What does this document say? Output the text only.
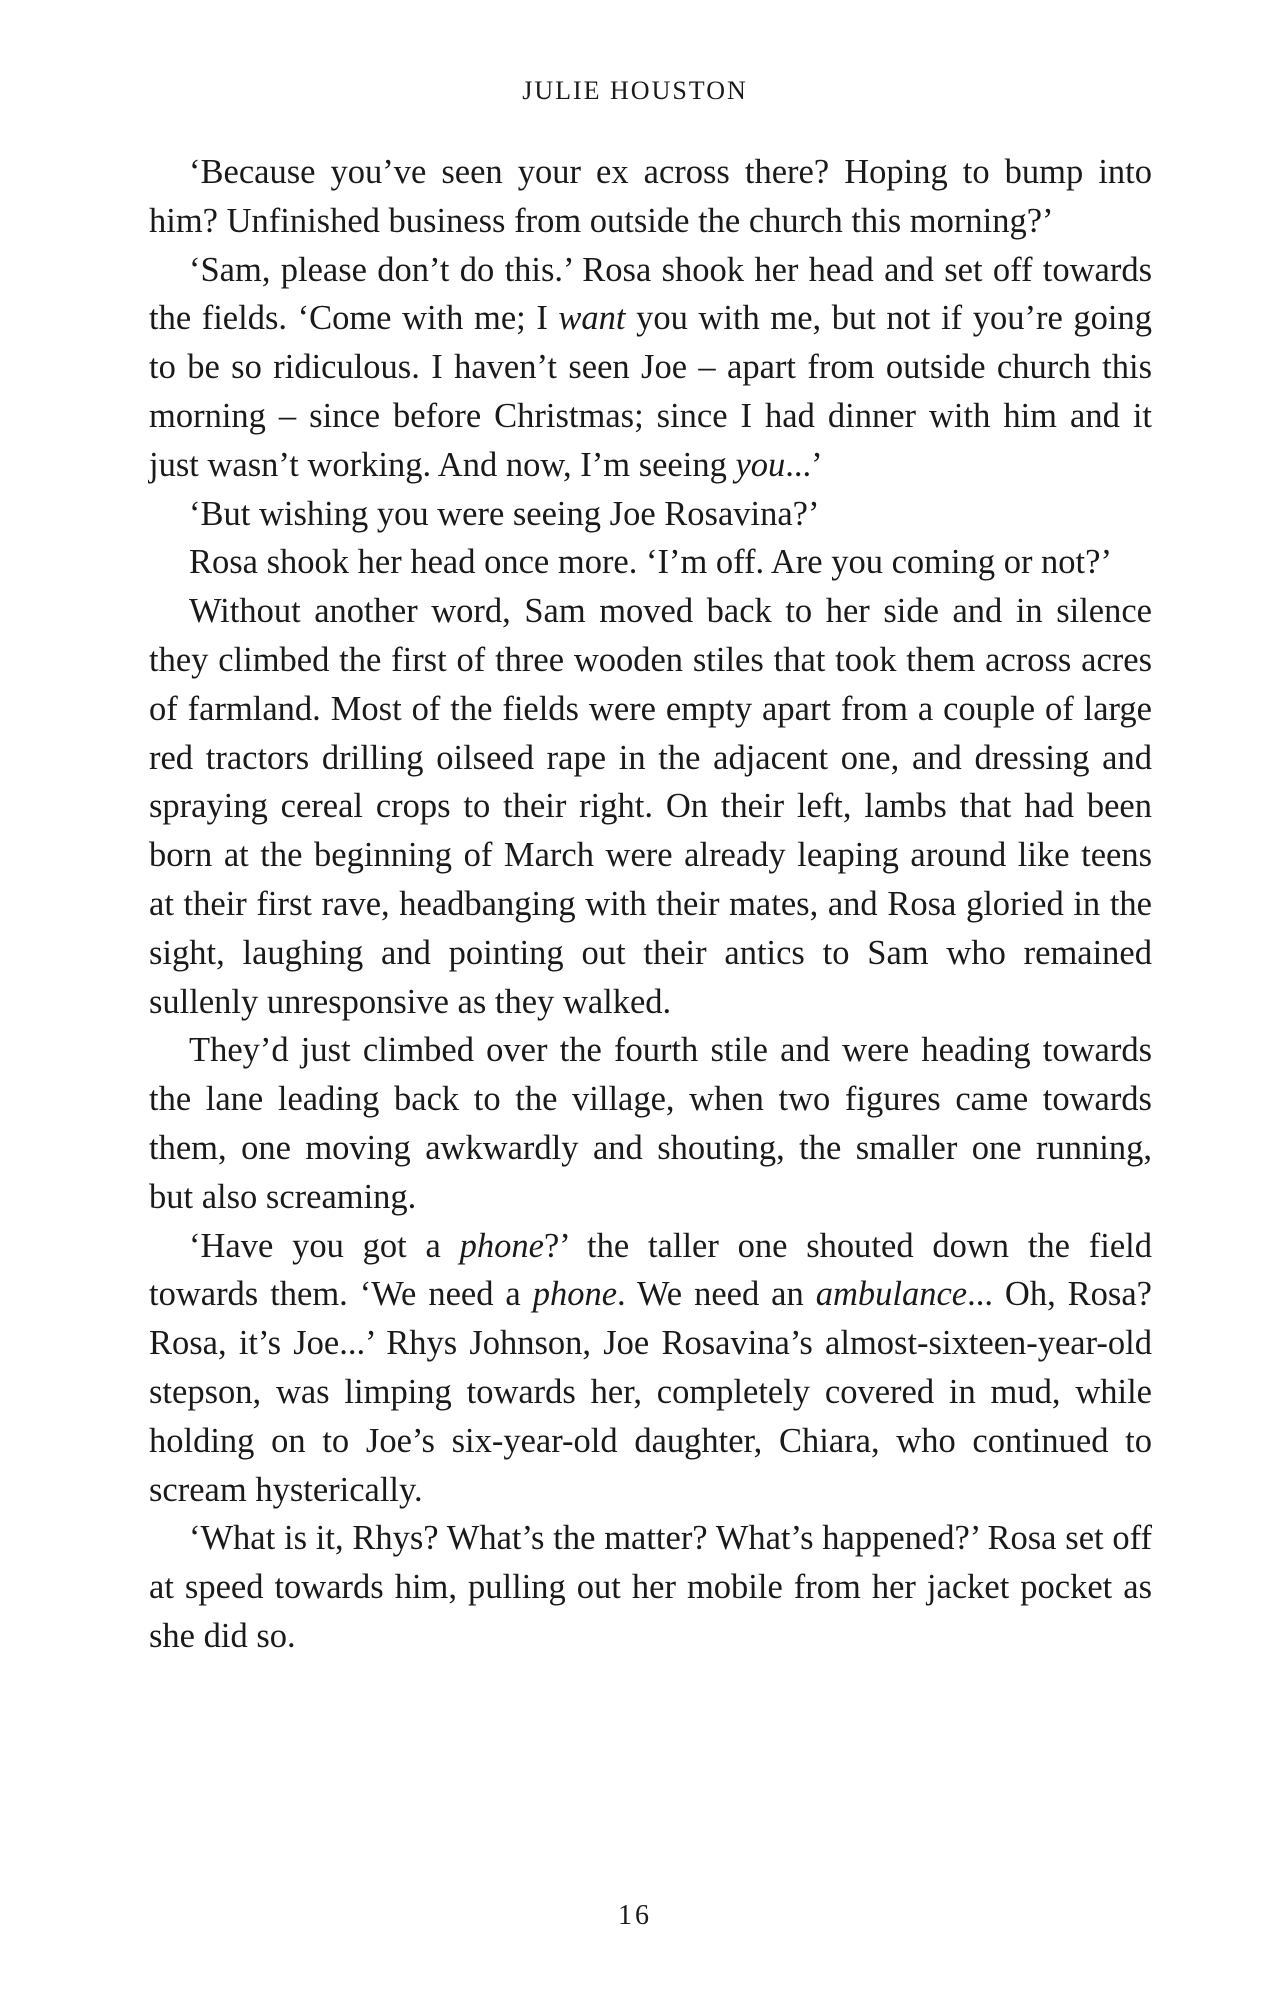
JULIE HOUSTON

‘Because you’ve seen your ex across there? Hoping to bump into him? Unfinished business from outside the church this morning?’

‘Sam, please don’t do this.’ Rosa shook her head and set off towards the fields. ‘Come with me; I want you with me, but not if you’re going to be so ridiculous. I haven’t seen Joe – apart from outside church this morning – since before Christmas; since I had dinner with him and it just wasn’t working. And now, I’m seeing you...’

‘But wishing you were seeing Joe Rosavina?’

Rosa shook her head once more. ‘I’m off. Are you coming or not?’

Without another word, Sam moved back to her side and in silence they climbed the first of three wooden stiles that took them across acres of farmland. Most of the fields were empty apart from a couple of large red tractors drilling oilseed rape in the adjacent one, and dressing and spraying cereal crops to their right. On their left, lambs that had been born at the beginning of March were already leaping around like teens at their first rave, headbanging with their mates, and Rosa gloried in the sight, laughing and pointing out their antics to Sam who remained sullenly unresponsive as they walked.

They’d just climbed over the fourth stile and were heading towards the lane leading back to the village, when two figures came towards them, one moving awkwardly and shouting, the smaller one running, but also screaming.

‘Have you got a phone?’ the taller one shouted down the field towards them. ‘We need a phone. We need an ambulance... Oh, Rosa? Rosa, it’s Joe...’ Rhys Johnson, Joe Rosavina’s almost-sixteen-year-old stepson, was limping towards her, completely covered in mud, while holding on to Joe’s six-year-old daughter, Chiara, who continued to scream hysterically.

‘What is it, Rhys? What’s the matter? What’s happened?’ Rosa set off at speed towards him, pulling out her mobile from her jacket pocket as she did so.

16
